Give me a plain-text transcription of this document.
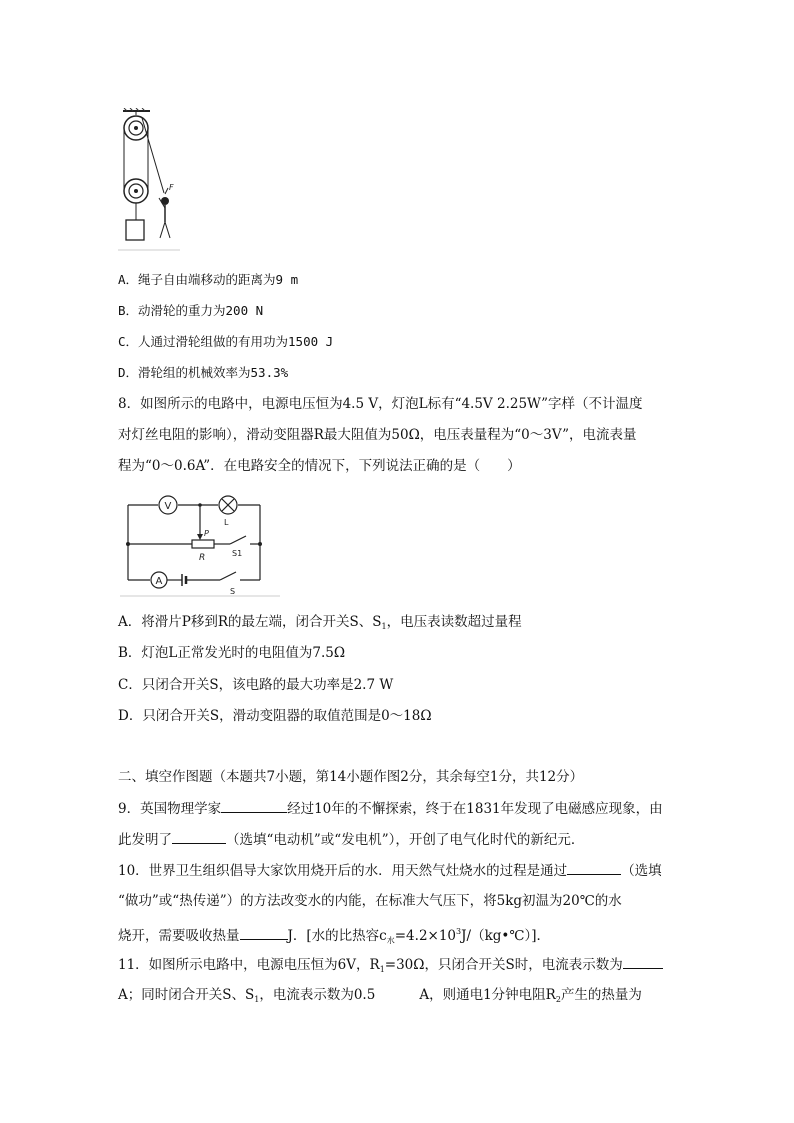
F
A．绳子自由端移动的距离为9 m
B．动滑轮的重力为200 N
C．人通过滑轮组做的有用功为1500 J
D．滑轮组的机械效率为53.3%
8．如图所示的电路中，电源电压恒为4.5 V，灯泡L标有“4.5V 2.25W”字样（不计温度
对灯丝电阻的影响），滑动变阻器R最大阻值为50Ω，电压表量程为“0～3V”，电流表量
程为“0～0.6A”．在电路安全的情况下，下列说法正确的是（　　）
V
L
P
R	S1
A
S
A．将滑片P移到R的最左端，闭合开关S、$S_1$，电压表读数超过量程
B．灯泡L正常发光时的电阻值为7.5Ω
C．只闭合开关S，该电路的最大功率是2.7 W
D．只闭合开关S，滑动变阻器的取值范围是0～18Ω
二、填空作图题（本题共7小题，第14小题作图2分，其余每空1分，共12分）
9．英国物理学家	经过10年的不懈探索，终于在1831年发现了电磁感应现象，由
此发明了	（选填“电动机”或“发电机”），开创了电气化时代的新纪元．
10．世界卫生组织倡导大家饮用烧开后的水．用天然气灶烧水的过程是通过	（选填
“做功”或“热传递”）的方法改变水的内能，在标准大气压下，将5kg初温为20℃的水
烧开，需要吸收热量	J．[水的比热容$c_水=4.2\times 10^3J/(kg•℃)$]．
11．如图所示电路中，电源电压恒为6V，$R_1=30\Omega$，只闭合开关S时，电流表示数为
A；同时闭合开关S、$S_1$，电流表示数为0.5	A，则通电1分钟电阻$R_2$产生的热量为
